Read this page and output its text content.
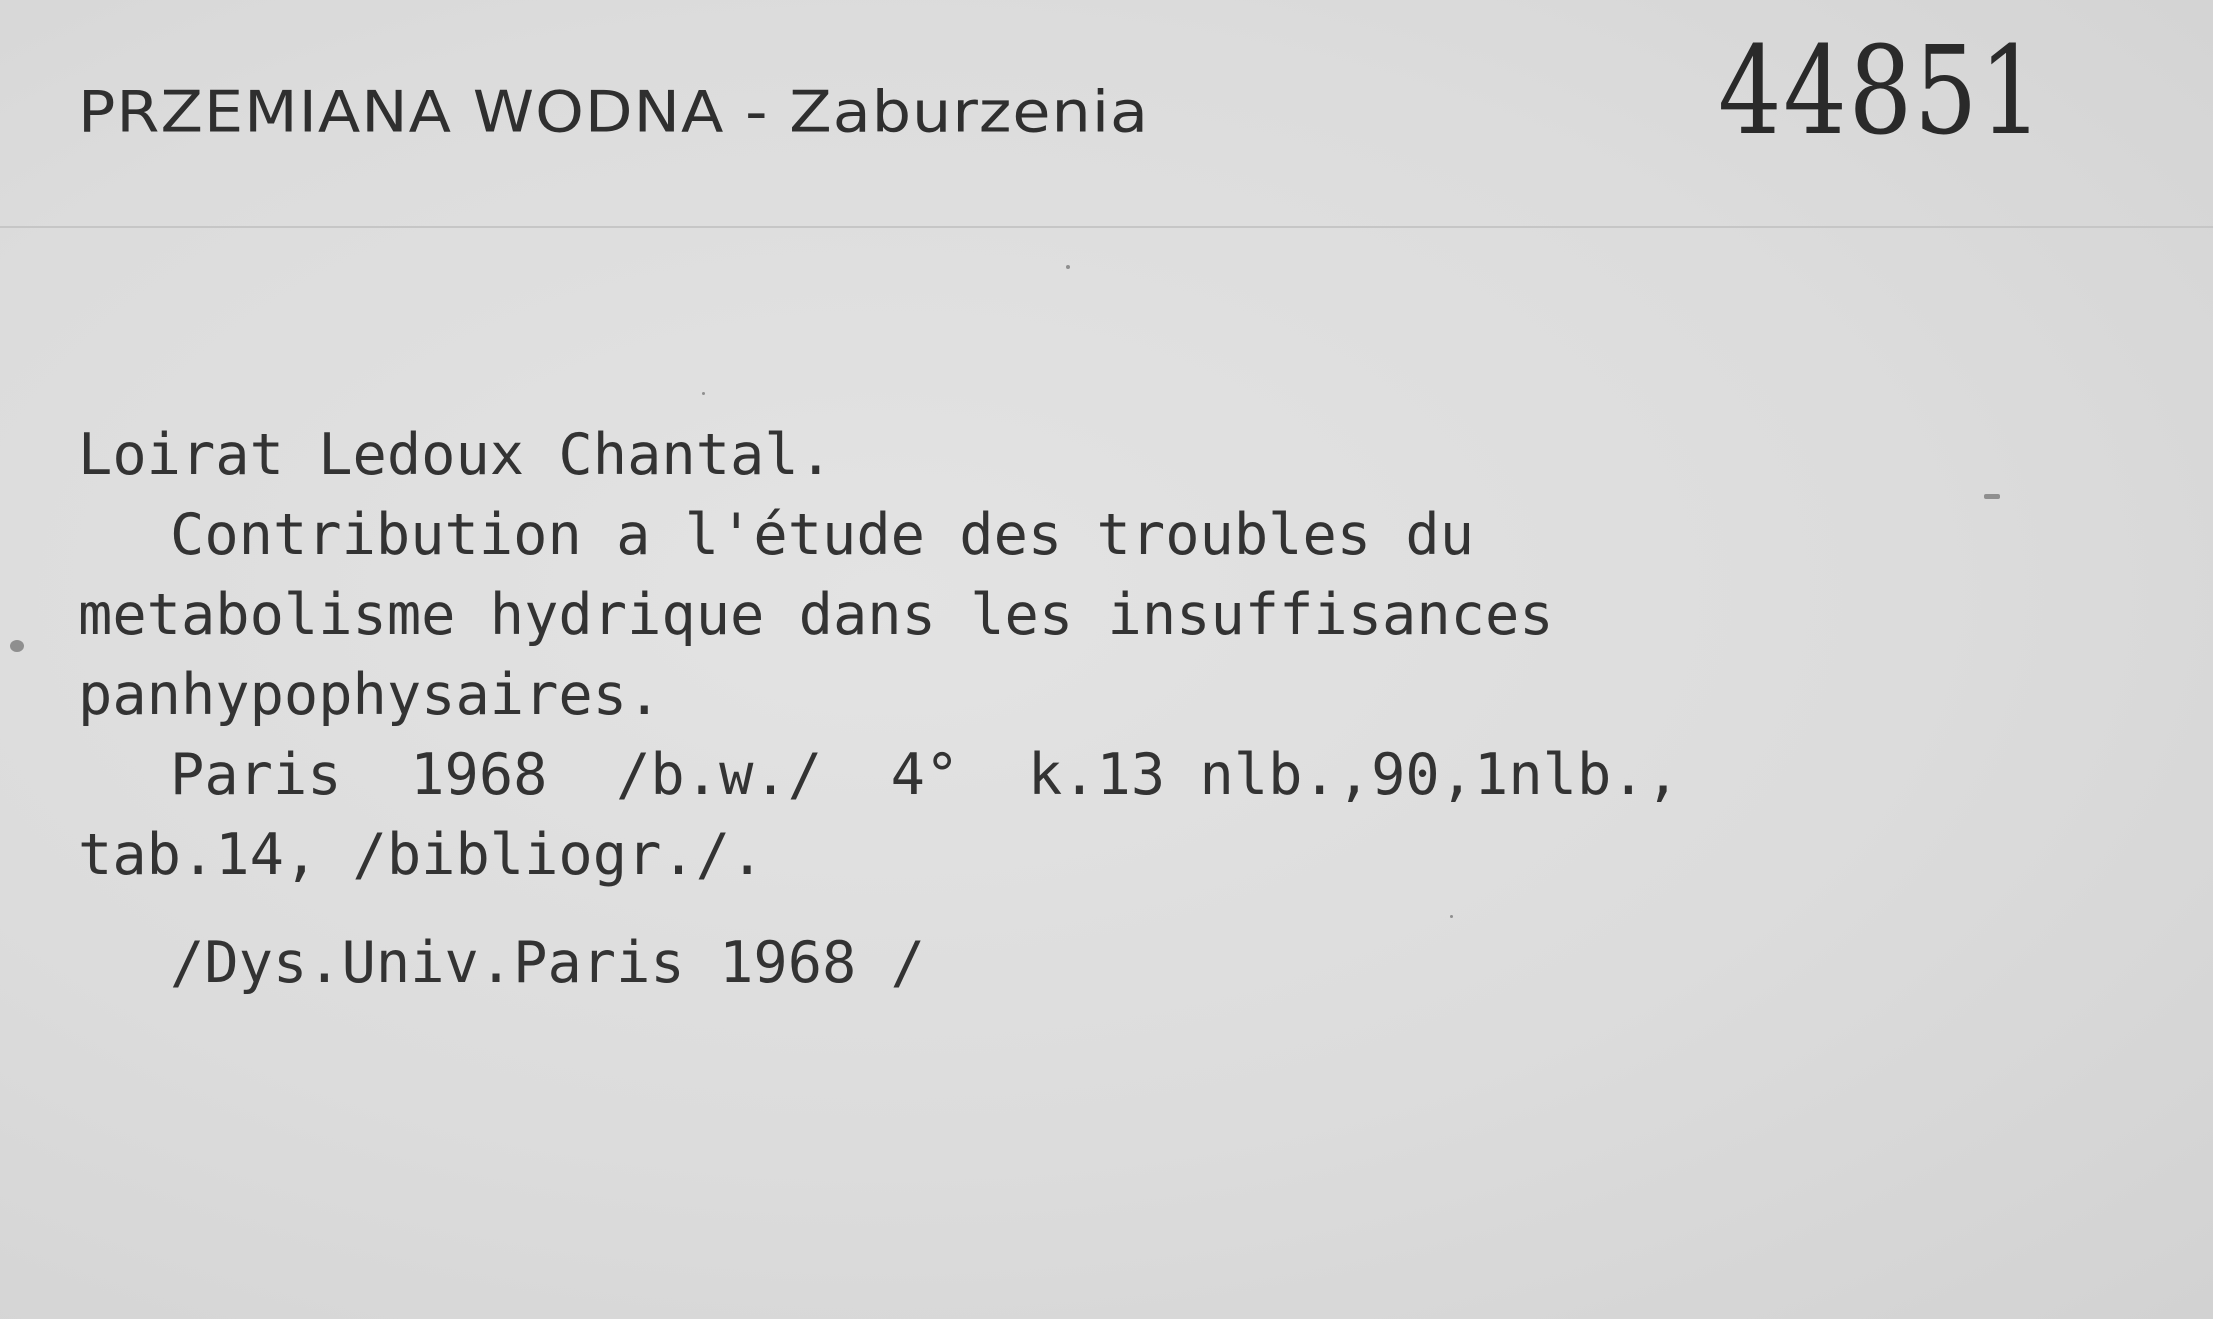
PRZEMIANA WODNA - Zaburzenia	44851
Loirat Ledoux Chantal.
Contribution a l'étude des troubles du
metabolisme hydrique dans les insuffisances
panhypophysaires.
Paris  1968  /b.w./  4°  k.13 nlb.,90,1nlb.,
tab.14, /bibliogr./.
/Dys.Univ.Paris 1968 /
